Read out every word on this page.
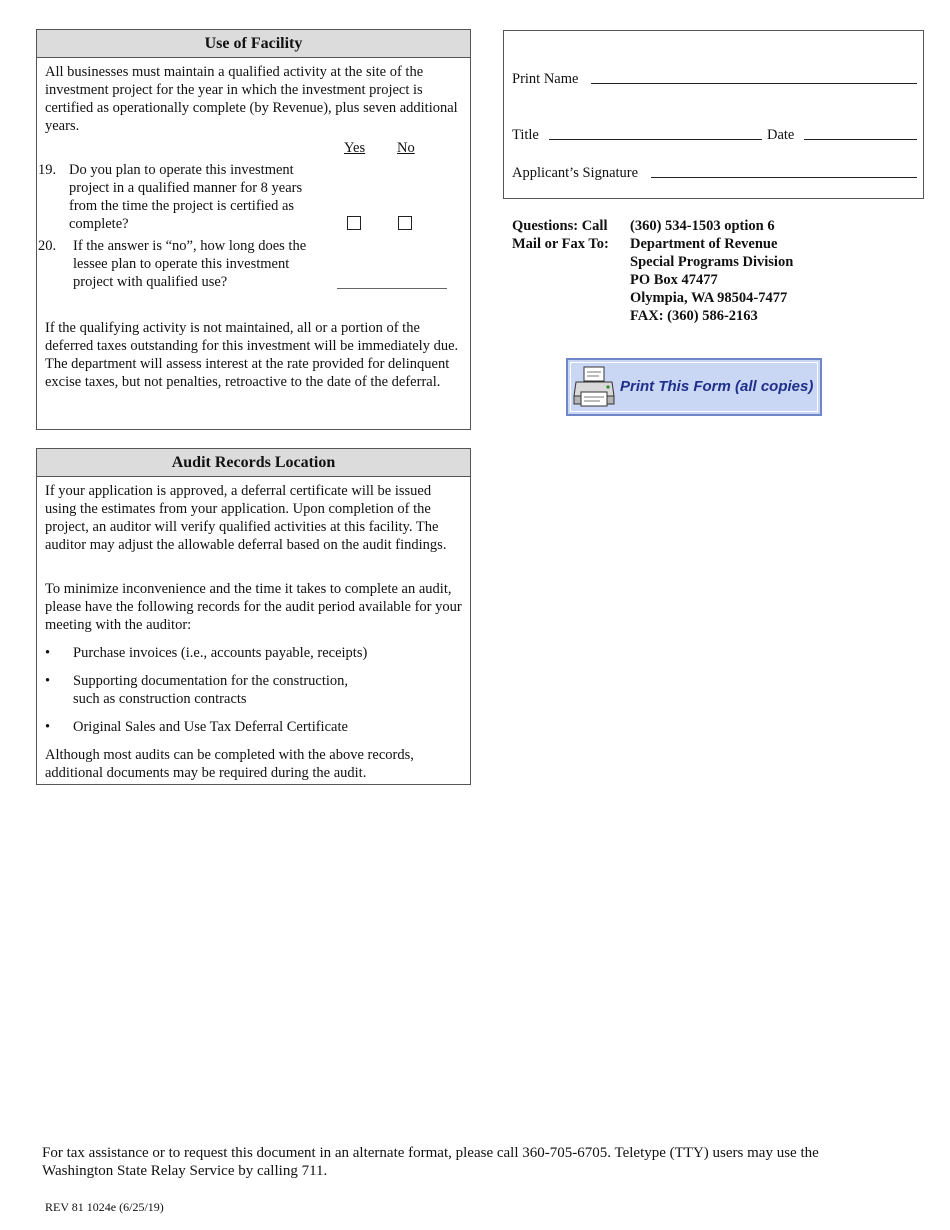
Use of Facility

All businesses must maintain a qualified activity at the site of the investment project for the year in which the investment project is certified as operationally complete (by Revenue), plus seven additional years.

Yes No
19. Do you plan to operate this investment
project in a qualified manner for 8 years
from the time the project is certified as
complete?
20. If the answer is “no”, how long does the
lessee plan to operate this investment
project with qualified use?

If the qualifying activity is not maintained, all or a portion of the deferred taxes outstanding for this investment will be immediately due. The department will assess interest at the rate provided for delinquent excise taxes, but not penalties, retroactive to the date of the deferral.

Audit Records Location

If your application is approved, a deferral certificate will be issued using the estimates from your application. Upon completion of the project, an auditor will verify qualified activities at this facility. The auditor may adjust the allowable deferral based on the audit findings.

To minimize inconvenience and the time it takes to complete an audit, please have the following records for the audit period available for your meeting with the auditor:

• Purchase invoices (i.e., accounts payable, receipts)
• Supporting documentation for the construction,
such as construction contracts
• Original Sales and Use Tax Deferral Certificate

Although most audits can be completed with the above records, additional documents may be required during the audit.

Print Name
Title	Date
Applicant’s Signature
Questions: Call
Mail or Fax To:
(360) 534-1503 option 6
Department of Revenue
Special Programs Division
PO Box 47477
Olympia, WA 98504-7477
FAX: (360) 586-2163
Print This Form (all copies)
For tax assistance or to request this document in an alternate format, please call 360-705-6705. Teletype (TTY) users may use the Washington State Relay Service by calling 711.
REV 81 1024e (6/25/19)
